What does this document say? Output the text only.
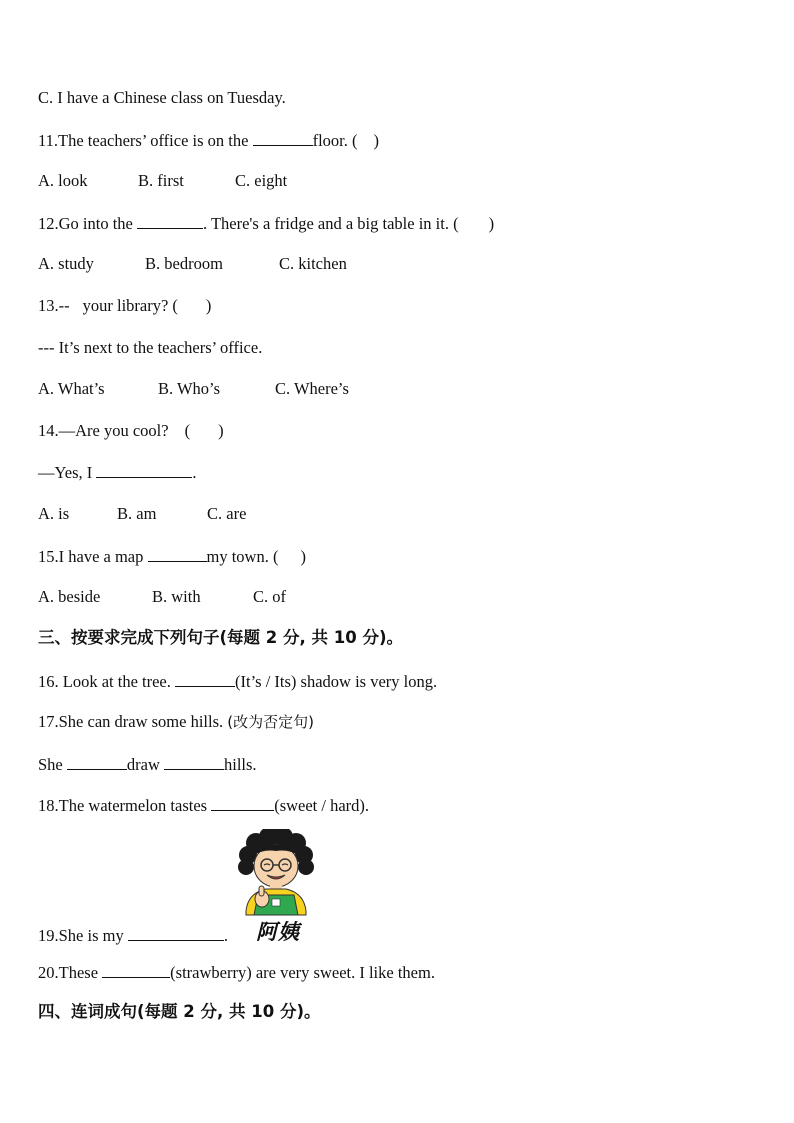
C. I have a Chinese class on Tuesday.
11.The teachers’ office is on the	floor. ( )
A. look	B. first	C. eight
12.Go into the	. There's a fridge and a big table in it. ( )
A. study	B. bedroom	C. kitchen
13.-- your library? ( )
--- It’s next to the teachers’ office.
A. What’s	B. Who’s	C. Where’s
14.—Are you cool? ( )
—Yes, I	.
A. is	B. am	C. are
15.I have a map	my town. ( )
A. beside	B. with	C. of
三、按要求完成下列句子(每题 2 分, 共 10 分)。
16. Look at the tree.	(It’s / Its) shadow is very long.
17.She can draw some hills. (改为否定句)
She	draw	hills.
18.The watermelon tastes	(sweet / hard).
阿姨
19.She is my	.
20.These	(strawberry) are very sweet. I like them.
四、连词成句(每题 2 分, 共 10 分)。
